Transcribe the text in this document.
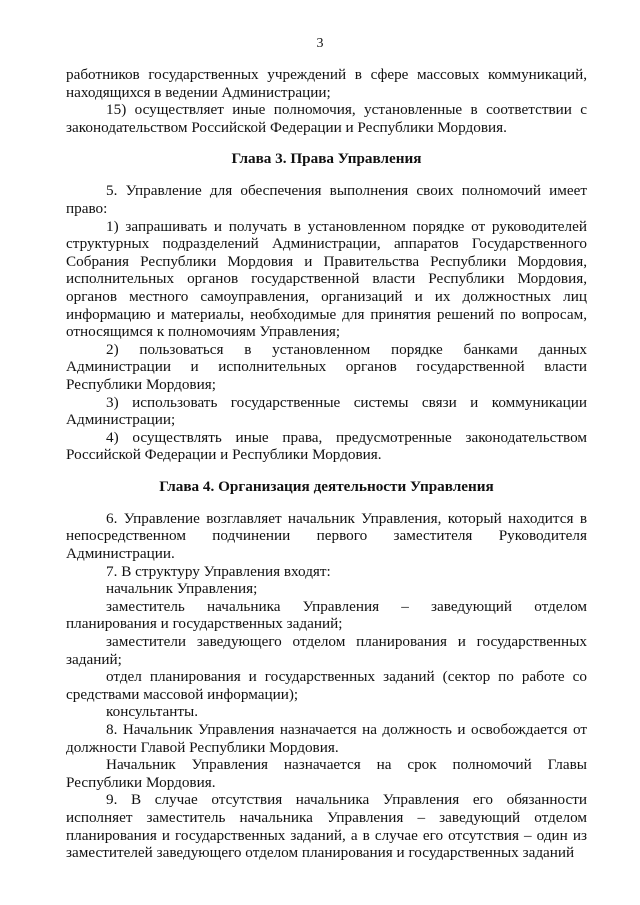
3

работников государственных учреждений в сфере массовых коммуникаций, находящихся в ведении Администрации;

15) осуществляет иные полномочия, установленные в соответствии с законодательством Российской Федерации и Республики Мордовия.

Глава 3. Права Управления

5. Управление для обеспечения выполнения своих полномочий имеет право:

1) запрашивать и получать в установленном порядке от руководителей структурных подразделений Администрации, аппаратов Государственного Собрания Республики Мордовия и Правительства Республики Мордовия, исполнительных органов государственной власти Республики Мордовия, органов местного самоуправления, организаций и их должностных лиц информацию и материалы, необходимые для принятия решений по вопросам, относящимся к полномочиям Управления;

2) пользоваться в установленном порядке банками данных Администрации и исполнительных органов государственной власти Республики Мордовия;

3) использовать государственные системы связи и коммуникации Администрации;

4) осуществлять иные права, предусмотренные законодательством Российской Федерации и Республики Мордовия.

Глава 4. Организация деятельности Управления

6. Управление возглавляет начальник Управления, который находится в непосредственном подчинении первого заместителя Руководителя Администрации.

7. В структуру Управления входят:

начальник Управления;

заместитель начальника Управления – заведующий отделом планирования и государственных заданий;

заместители заведующего отделом планирования и государственных заданий;

отдел планирования и государственных заданий (сектор по работе со средствами массовой информации);

консультанты.

8. Начальник Управления назначается на должность и освобождается от должности Главой Республики Мордовия.

Начальник Управления назначается на срок полномочий Главы Республики Мордовия.

9. В случае отсутствия начальника Управления его обязанности исполняет заместитель начальника Управления – заведующий отделом планирования и государственных заданий, а в случае его отсутствия – один из заместителей заведующего отделом планирования и государственных заданий
